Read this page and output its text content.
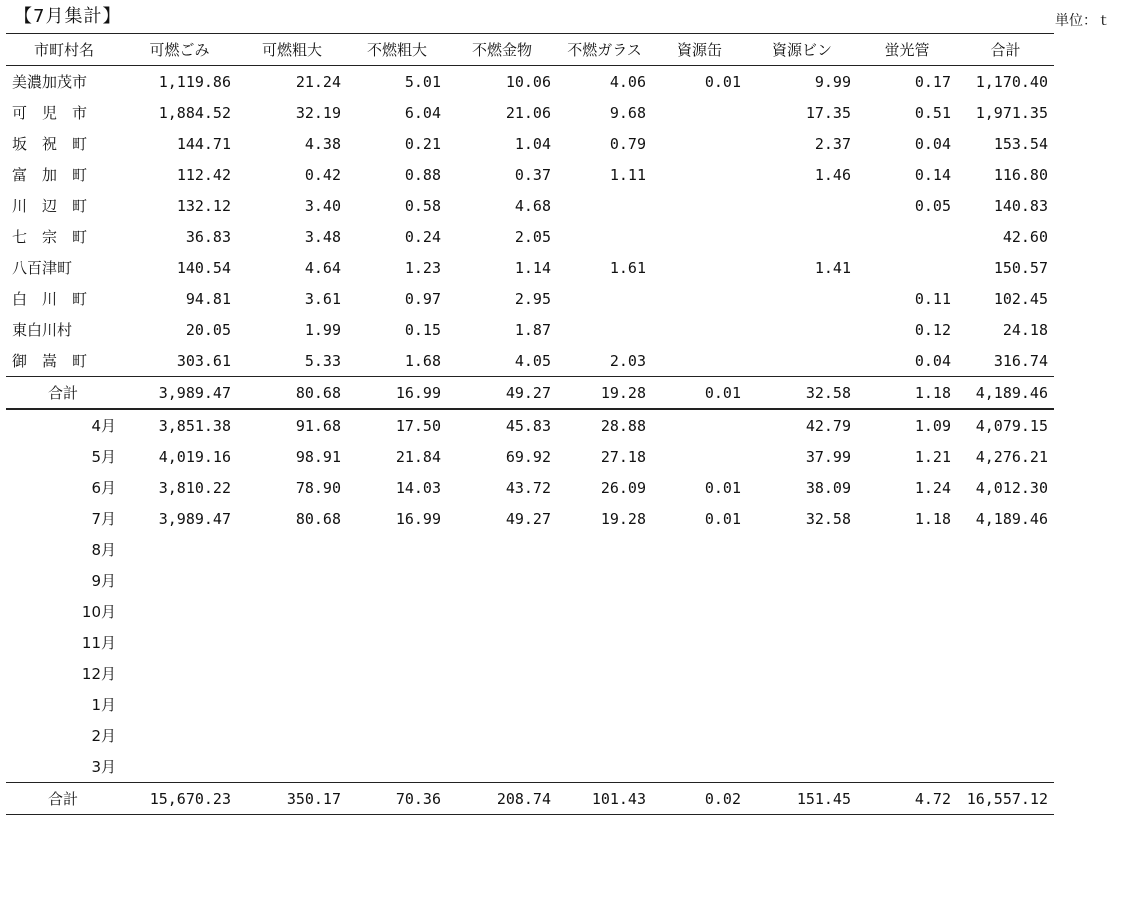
【7月集計】	単位：ｔ
市町村名	可燃ごみ	可燃粗大	不燃粗大	不燃金物	不燃ガラス	資源缶	資源ビン	蛍光管	合計
美濃加茂市	1,119.86	21.24	5.01	10.06	4.06	0.01	9.99	0.17	1,170.40
可　児　市	1,884.52	32.19	6.04	21.06	9.68		17.35	0.51	1,971.35
坂　祝　町	144.71	4.38	0.21	1.04	0.79		2.37	0.04	153.54
富　加　町	112.42	0.42	0.88	0.37	1.11		1.46	0.14	116.80
川　辺　町	132.12	3.40	0.58	4.68				0.05	140.83
七　宗　町	36.83	3.48	0.24	2.05					42.60
八百津町	140.54	4.64	1.23	1.14	1.61		1.41		150.57
白　川　町	94.81	3.61	0.97	2.95				0.11	102.45
東白川村	20.05	1.99	0.15	1.87				0.12	24.18
御　嵩　町	303.61	5.33	1.68	4.05	2.03			0.04	316.74
合計	3,989.47	80.68	16.99	49.27	19.28	0.01	32.58	1.18	4,189.46
4月	3,851.38	91.68	17.50	45.83	28.88		42.79	1.09	4,079.15
5月	4,019.16	98.91	21.84	69.92	27.18		37.99	1.21	4,276.21
6月	3,810.22	78.90	14.03	43.72	26.09	0.01	38.09	1.24	4,012.30
7月	3,989.47	80.68	16.99	49.27	19.28	0.01	32.58	1.18	4,189.46
8月									
9月									
10月									
11月									
12月									
1月									
2月									
3月									
合計	15,670.23	350.17	70.36	208.74	101.43	0.02	151.45	4.72	16,557.12
